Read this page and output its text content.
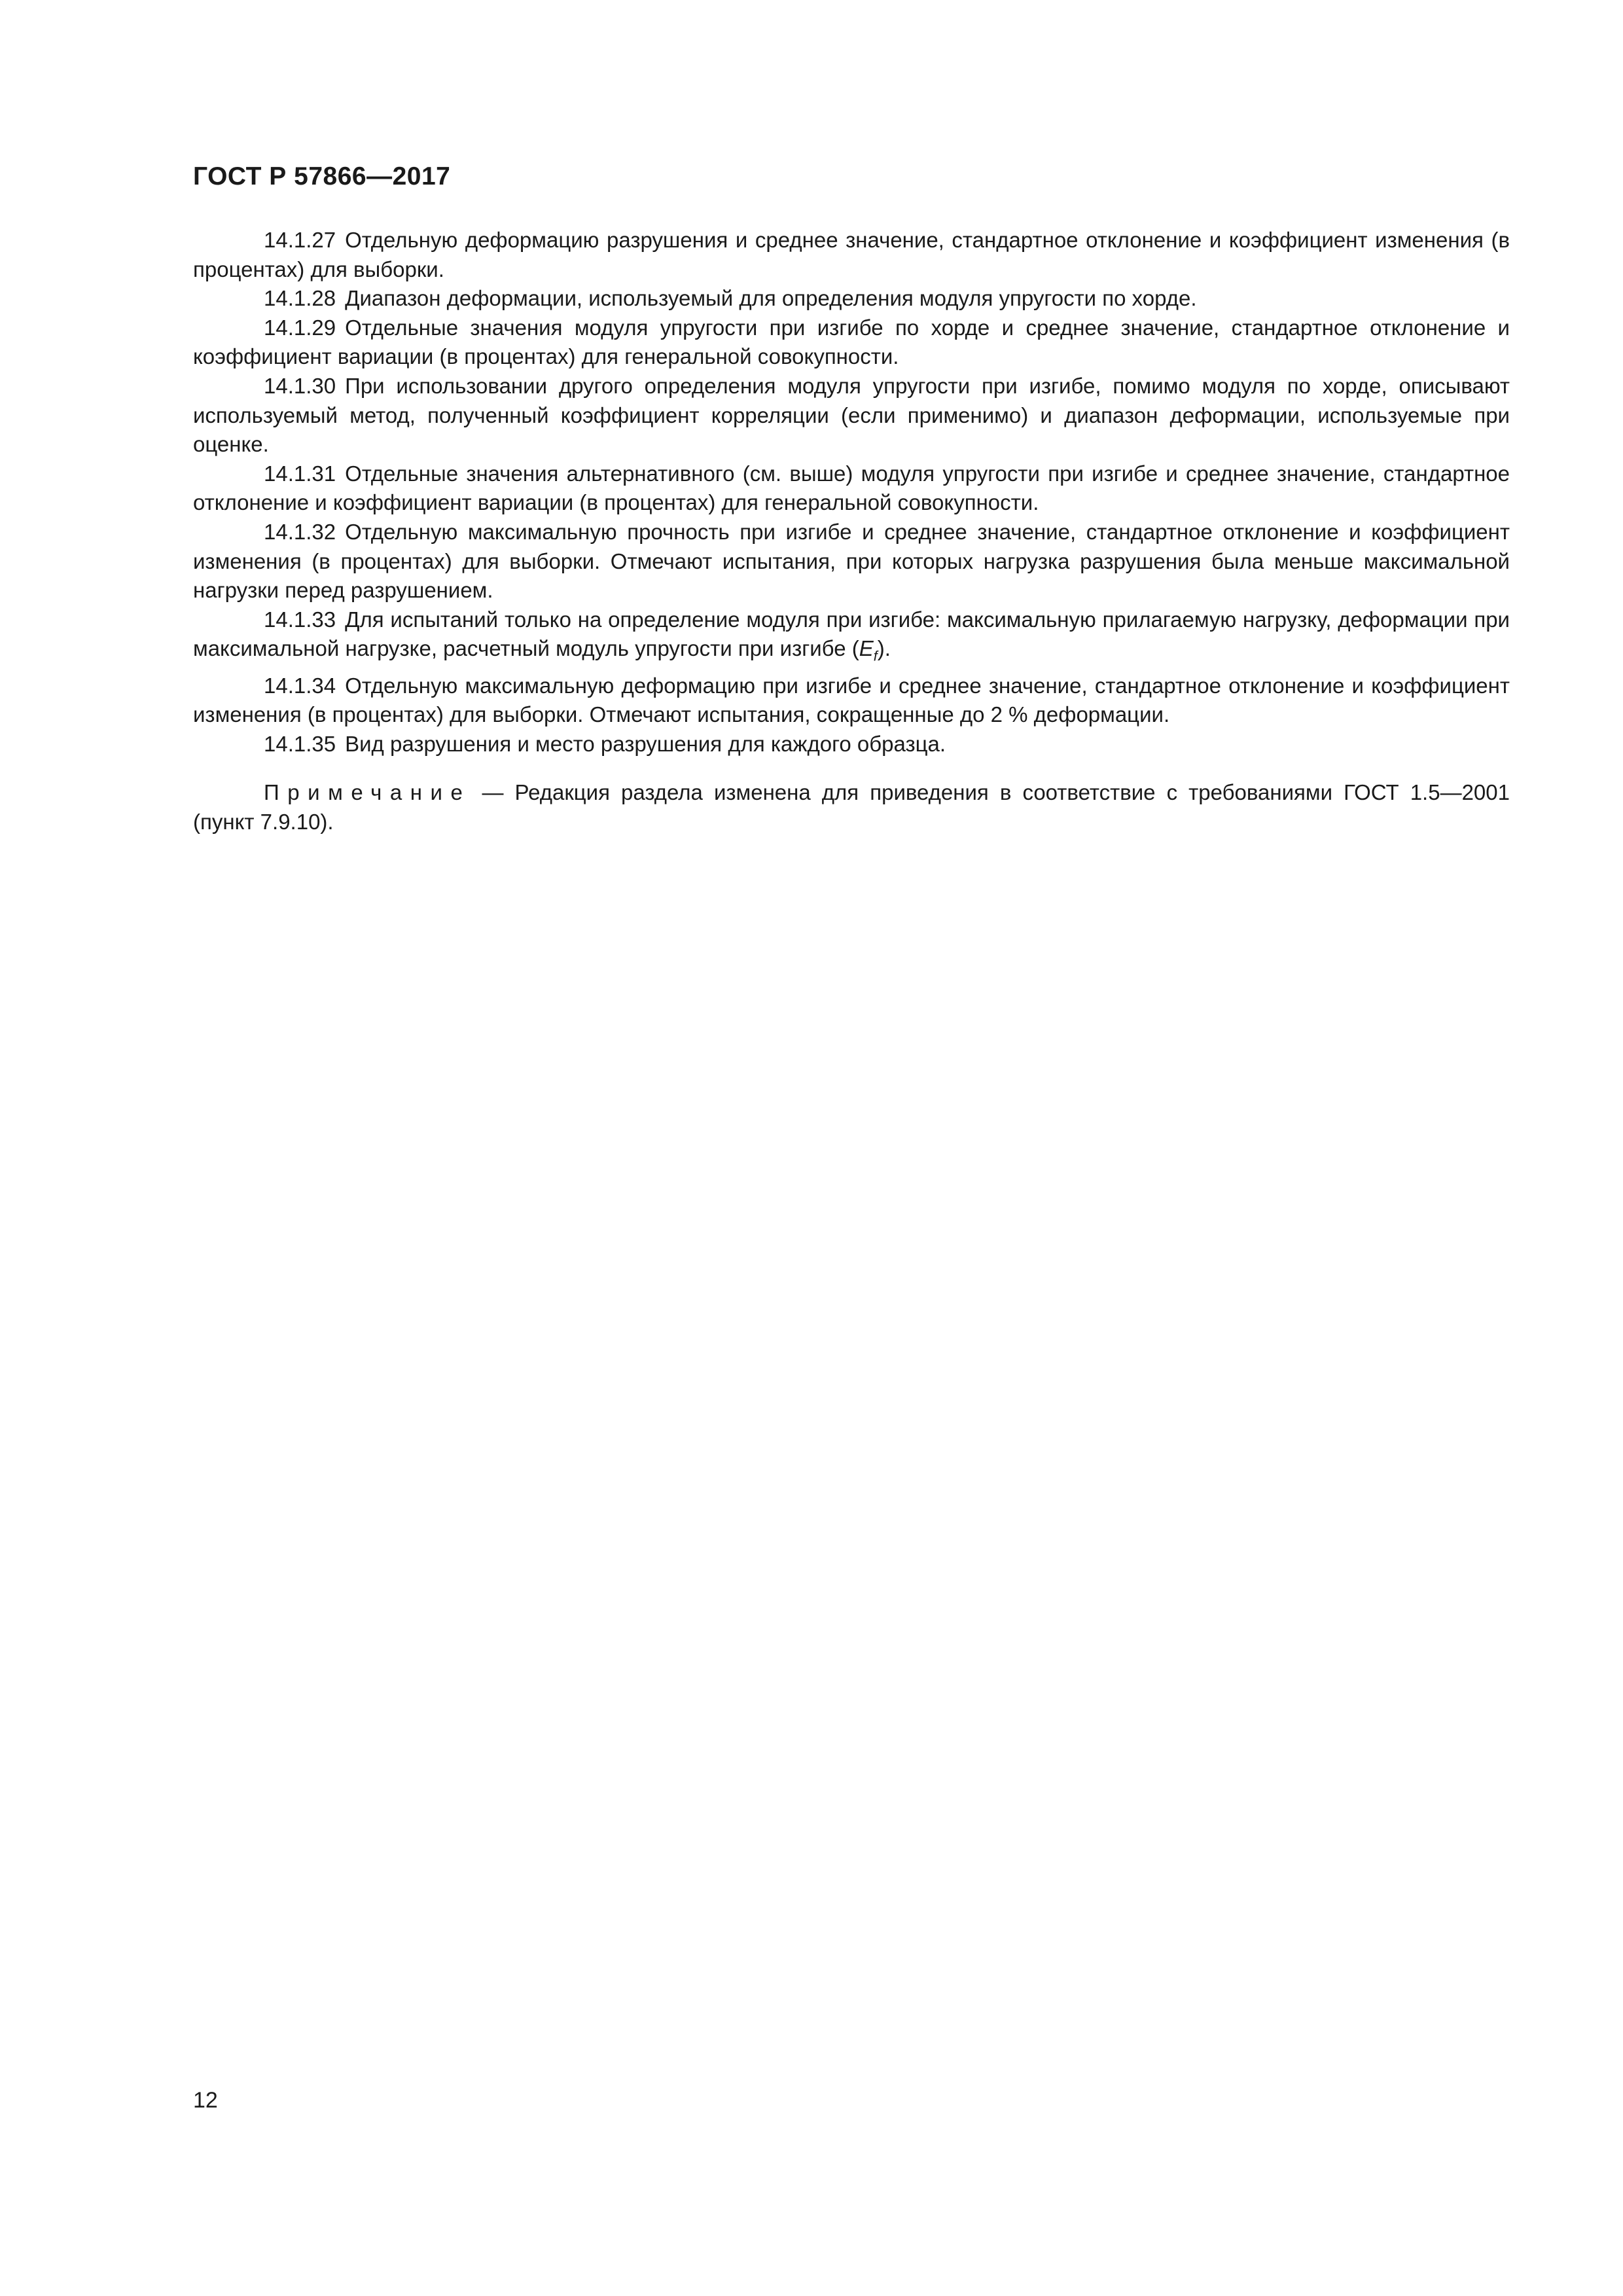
ГОСТ Р 57866—2017

14.1.27 Отдельную деформацию разрушения и среднее значение, стандартное отклонение и коэффициент изменения (в процентах) для выборки.

14.1.28 Диапазон деформации, используемый для определения модуля упругости по хорде.

14.1.29 Отдельные значения модуля упругости при изгибе по хорде и среднее значение, стандартное отклонение и коэффициент вариации (в процентах) для генеральной совокупности.

14.1.30 При использовании другого определения модуля упругости при изгибе, помимо модуля по хорде, описывают используемый метод, полученный коэффициент корреляции (если применимо) и диапазон деформации, используемые при оценке.

14.1.31 Отдельные значения альтернативного (см. выше) модуля упругости при изгибе и среднее значение, стандартное отклонение и коэффициент вариации (в процентах) для генеральной совокупности.

14.1.32 Отдельную максимальную прочность при изгибе и среднее значение, стандартное отклонение и коэффициент изменения (в процентах) для выборки. Отмечают испытания, при которых нагрузка разрушения была меньше максимальной нагрузки перед разрушением.

14.1.33 Для испытаний только на определение модуля при изгибе: максимальную прилагаемую нагрузку, деформации при максимальной нагрузке, расчетный модуль упругости при изгибе $(E_f)$.

14.1.34 Отдельную максимальную деформацию при изгибе и среднее значение, стандартное отклонение и коэффициент изменения (в процентах) для выборки. Отмечают испытания, сокращенные до 2 % деформации.

14.1.35 Вид разрушения и место разрушения для каждого образца.

Примечание — Редакция раздела изменена для приведения в соответствие с требованиями ГОСТ 1.5—2001 (пункт 7.9.10).

12
